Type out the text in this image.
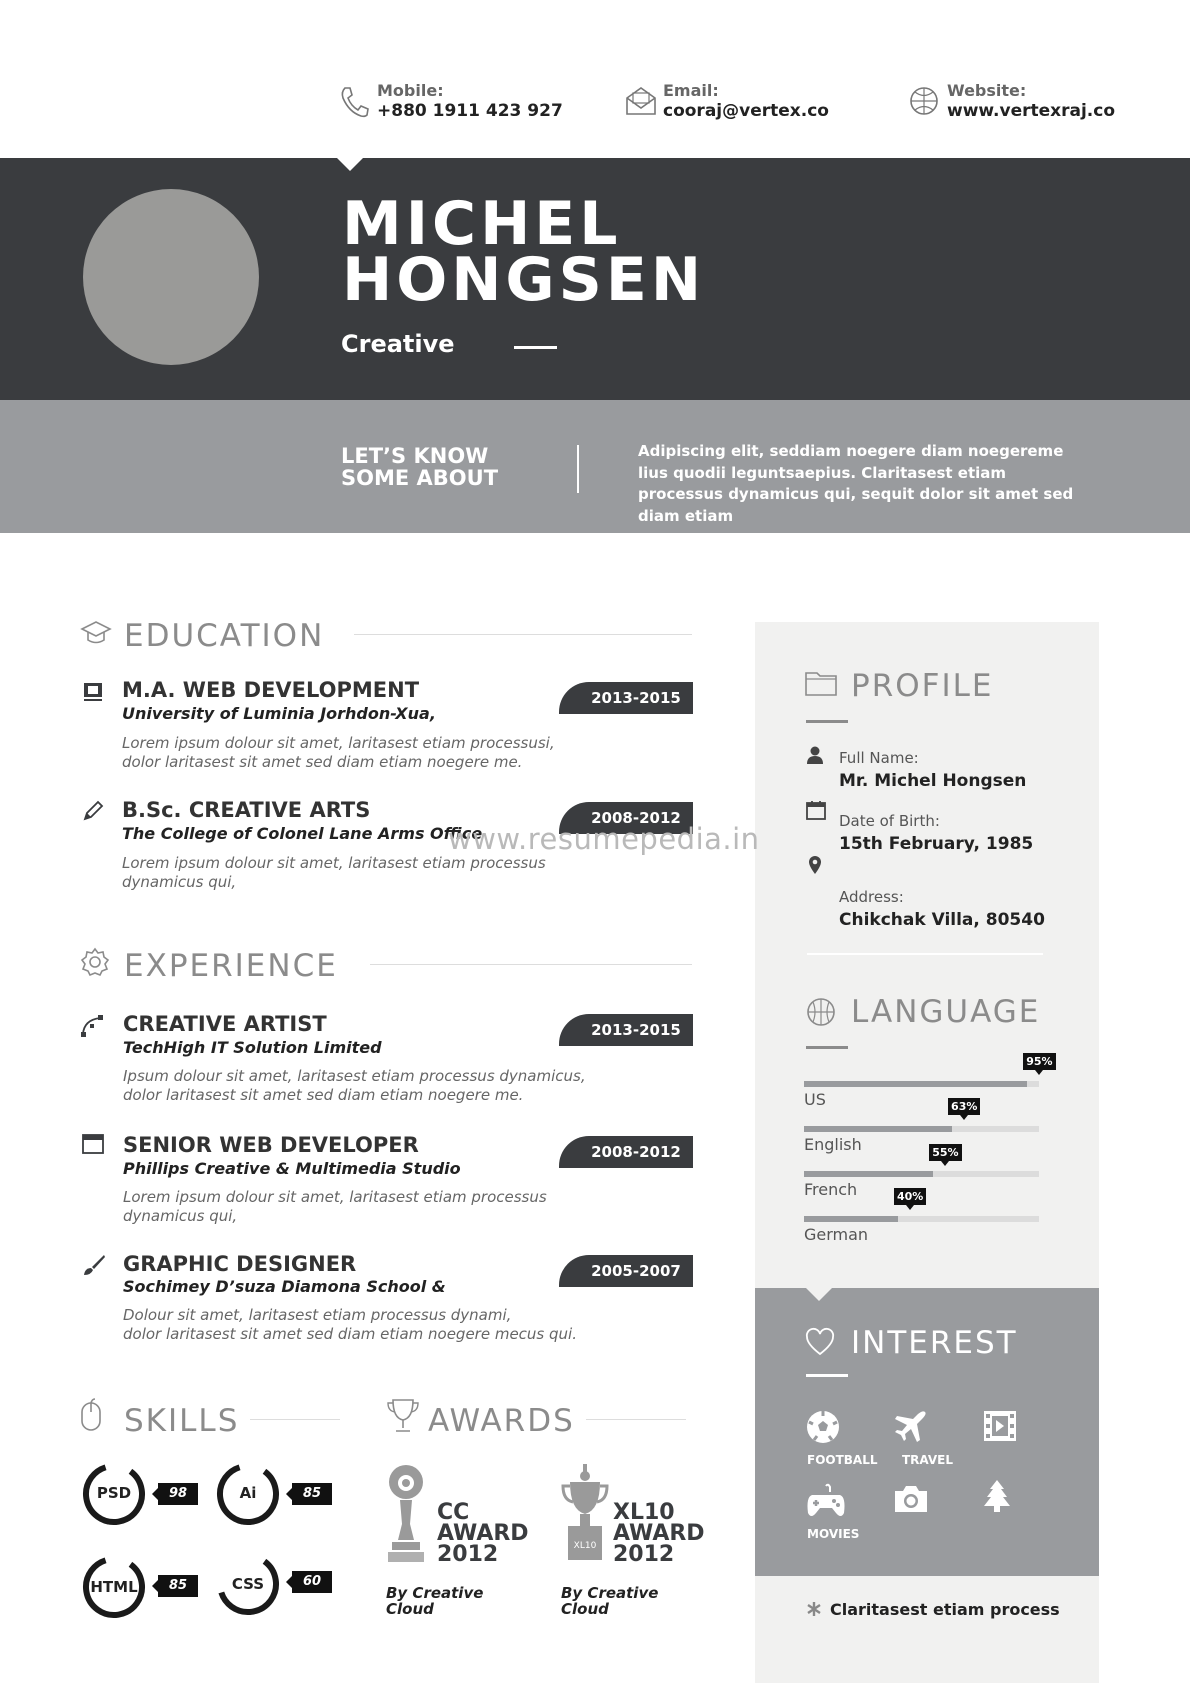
Mobile:
+880 1911 423 927
Email:
cooraj@vertex.co
Website:
www.vertexraj.co
MICHEL
HONGSEN
Creative
LET’S KNOW
SOME ABOUT
Adipiscing elit, seddiam noegere diam noegereme lius quodii leguntsaepius. Claritasest etiam processus dynamicus qui, sequit dolor sit amet sed diam etiam
EDUCATION
M.A. WEB DEVELOPMENT
University of Luminia Jorhdon-Xua,
Lorem ipsum dolour sit amet, laritasest etiam processusi,
dolor laritasest sit amet sed diam etiam noegere me.
2013-2015
B.Sc. CREATIVE ARTS
The College of Colonel Lane Arms Office
Lorem ipsum dolour sit amet, laritasest etiam processus
dynamicus qui,
2008-2012
EXPERIENCE
CREATIVE ARTIST
TechHigh IT Solution Limited
Ipsum dolour sit amet, laritasest etiam processus dynamicus,
dolor laritasest sit amet sed diam etiam noegere me.
2013-2015
SENIOR WEB DEVELOPER
Phillips Creative & Multimedia Studio
Lorem ipsum dolour sit amet, laritasest etiam processus
dynamicus qui,
2008-2012
GRAPHIC DESIGNER
Sochimey D’suza Diamona School &
Dolour sit amet, laritasest etiam processus dynami,
dolor laritasest sit amet sed diam etiam noegere mecus qui.
2005-2007
SKILLS
PSD	98	Ai	85
HTML	85	CSS	60
AWARDS
CC
AWARD
2012
By Creative
Cloud
XL10
XL10
AWARD
2012
By Creative
Cloud
PROFILE
Full Name:
Mr. Michel Hongsen
Date of Birth:
15th February, 1985
Address:
Chikchak Villa, 80540
LANGUAGE
95%
US	63%
English	55%
French	40%
German
INTEREST
FOOTBALL TRAVEL
MOVIES
Claritasest etiam process
www.resumepedia.in
